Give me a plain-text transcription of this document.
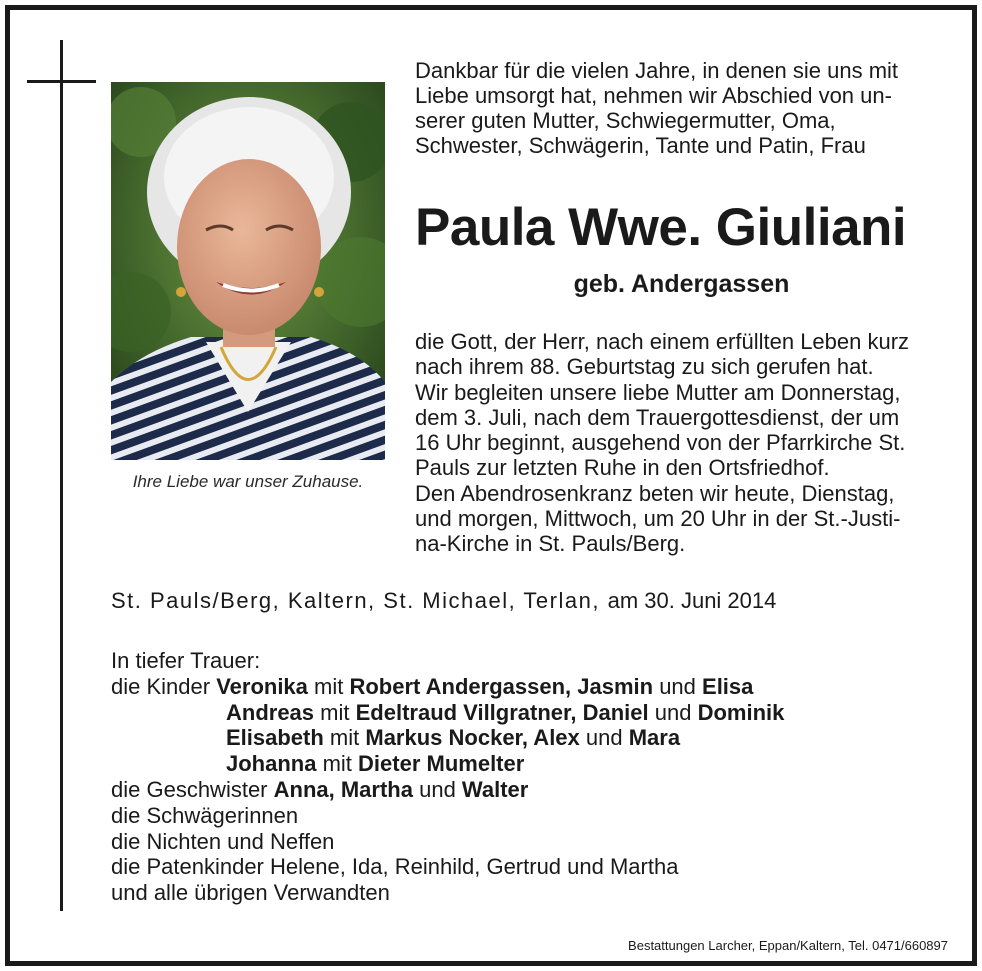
Ihre Liebe war unser Zuhause.
Dankbar für die vielen Jahre, in denen sie uns mit
Liebe umsorgt hat, nehmen wir Abschied von un-
serer guten Mutter, Schwiegermutter, Oma,
Schwester, Schwägerin, Tante und Patin, Frau
Paula Wwe. Giuliani
geb. Andergassen
die Gott, der Herr, nach einem erfüllten Leben kurz
nach ihrem 88. Geburtstag zu sich gerufen hat.
Wir begleiten unsere liebe Mutter am Donnerstag,
dem 3. Juli, nach dem Trauergottesdienst, der um
16 Uhr beginnt, ausgehend von der Pfarrkirche St.
Pauls zur letzten Ruhe in den Ortsfriedhof.
Den Abendrosenkranz beten wir heute, Dienstag,
und morgen, Mittwoch, um 20 Uhr in der St.-Justi-
na-Kirche in St. Pauls/Berg.
St. Pauls/Berg, Kaltern, St. Michael, Terlan, am 30. Juni 2014
In tiefer Trauer:
die Kinder Veronika mit Robert Andergassen, Jasmin und Elisa
Andreas mit Edeltraud Villgratner, Daniel und Dominik
Elisabeth mit Markus Nocker, Alex und Mara
Johanna mit Dieter Mumelter
die Geschwister Anna, Martha und Walter
die Schwägerinnen
die Nichten und Neffen
die Patenkinder Helene, Ida, Reinhild, Gertrud und Martha
und alle übrigen Verwandten
Bestattungen Larcher, Eppan/Kaltern, Tel. 0471/660897
